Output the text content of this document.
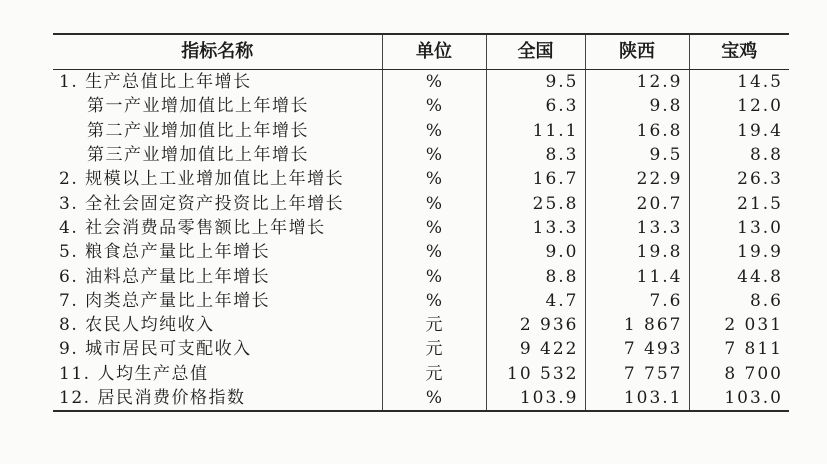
指标名称	单位	全国	陕西	宝鸡
1. 生产总值比上年增长	%	9.5	12.9	14.5
第一产业增加值比上年增长	%	6.3	9.8	12.0
第二产业增加值比上年增长	%	11.1	16.8	19.4
第三产业增加值比上年增长	%	8.3	9.5	8.8
2. 规模以上工业增加值比上年增长	%	16.7	22.9	26.3
3. 全社会固定资产投资比上年增长	%	25.8	20.7	21.5
4. 社会消费品零售额比上年增长	%	13.3	13.3	13.0
5. 粮食总产量比上年增长	%	9.0	19.8	19.9
6. 油料总产量比上年增长	%	8.8	11.4	44.8
7. 肉类总产量比上年增长	%	4.7	7.6	8.6
8. 农民人均纯收入	元	2 936	1 867	2 031
9. 城市居民可支配收入	元	9 422	7 493	7 811
11. 人均生产总值	元	10 532	7 757	8 700
12. 居民消费价格指数	%	103.9	103.1	103.0
